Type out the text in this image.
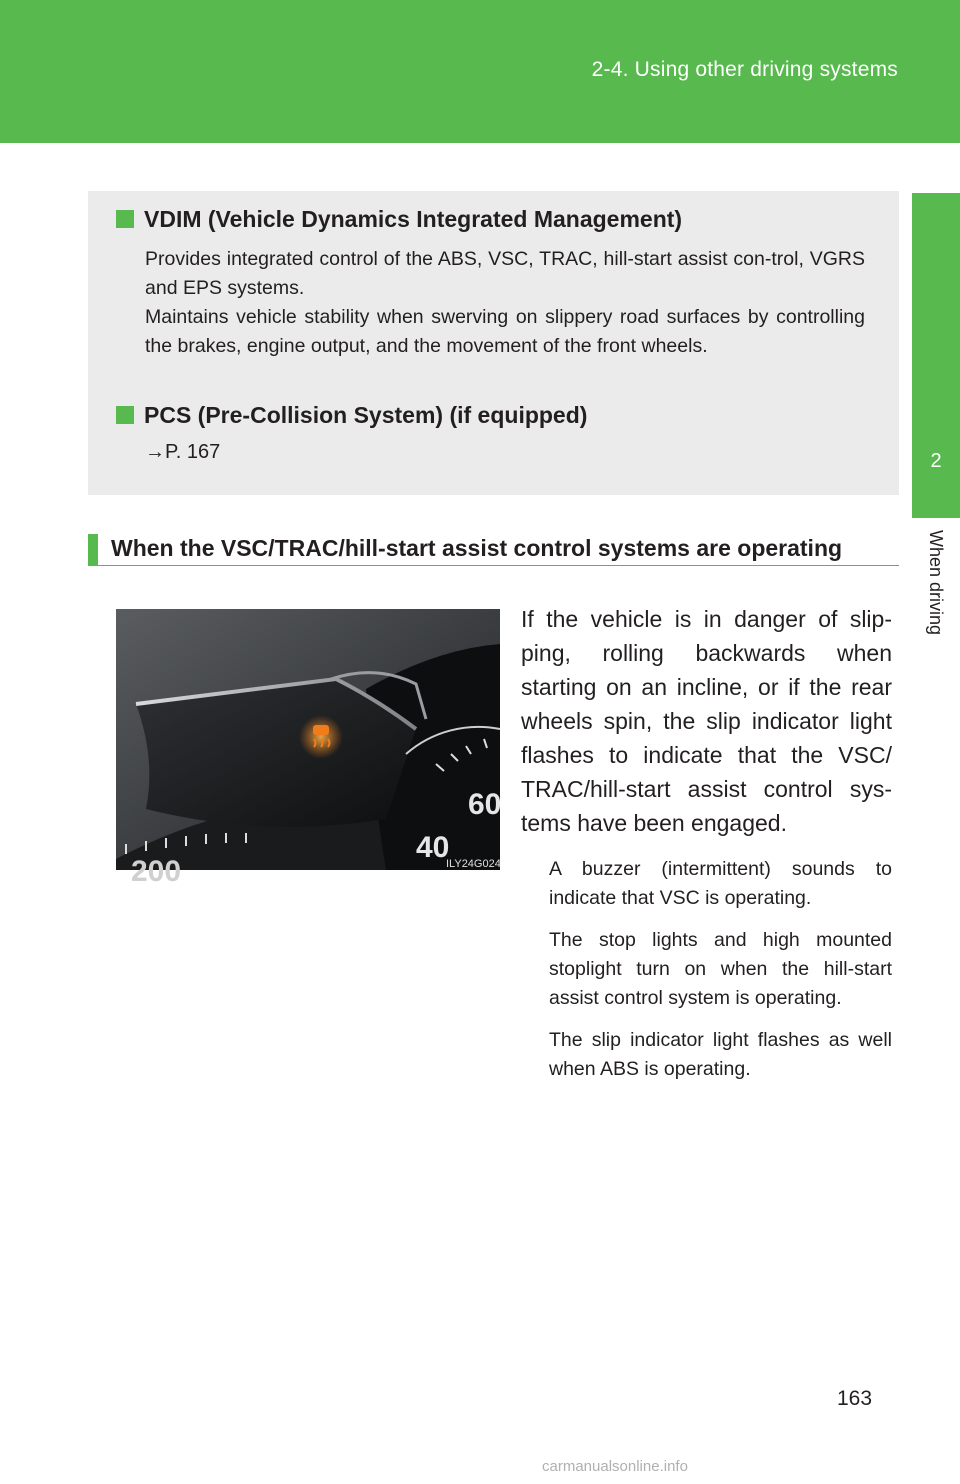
2-4. Using other driving systems
2
When driving
VDIM (Vehicle Dynamics Integrated Management)

Provides integrated control of the ABS, VSC, TRAC, hill-start assist con-trol, VGRS and EPS systems.

Maintains vehicle stability when swerving on slippery road surfaces by controlling the brakes, engine output, and the movement of the front wheels.

PCS (Pre-Collision System) (if equipped)
→P. 167
When the VSC/TRAC/hill-start assist control systems are operating
60
40
200	ILY24G024
If the vehicle is in danger of slip-ping, rolling backwards when starting on an incline, or if the rear wheels spin, the slip indicator light flashes to indicate that the VSC/ TRAC/hill-start assist control sys-tems have been engaged.
A buzzer (intermittent) sounds to indicate that VSC is operating.
The stop lights and high mounted stoplight turn on when the hill-start assist control system is operating.
The slip indicator light flashes as well when ABS is operating.
163
carmanualsonline.info
